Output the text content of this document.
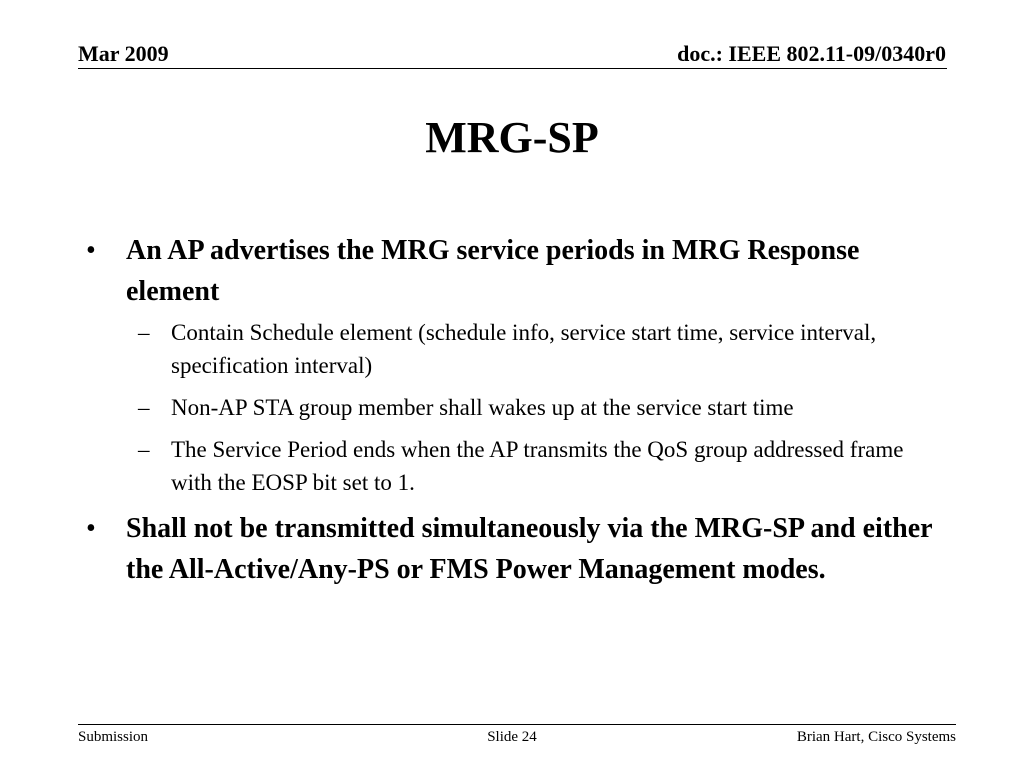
Mar 2009	doc.: IEEE 802.11-09/0340r0
MRG-SP
• An AP advertises the MRG service periods in MRG Response element
– Contain Schedule element (schedule info, service start time, service interval, specification interval)
– Non-AP STA group member shall wakes up at the service start time
– The Service Period ends when the AP transmits the QoS group addressed frame with the EOSP bit set to 1.
• Shall not be transmitted simultaneously via the MRG-SP and either the All-Active/Any-PS or FMS Power Management modes.
Submission	Slide 24	Brian Hart, Cisco Systems
